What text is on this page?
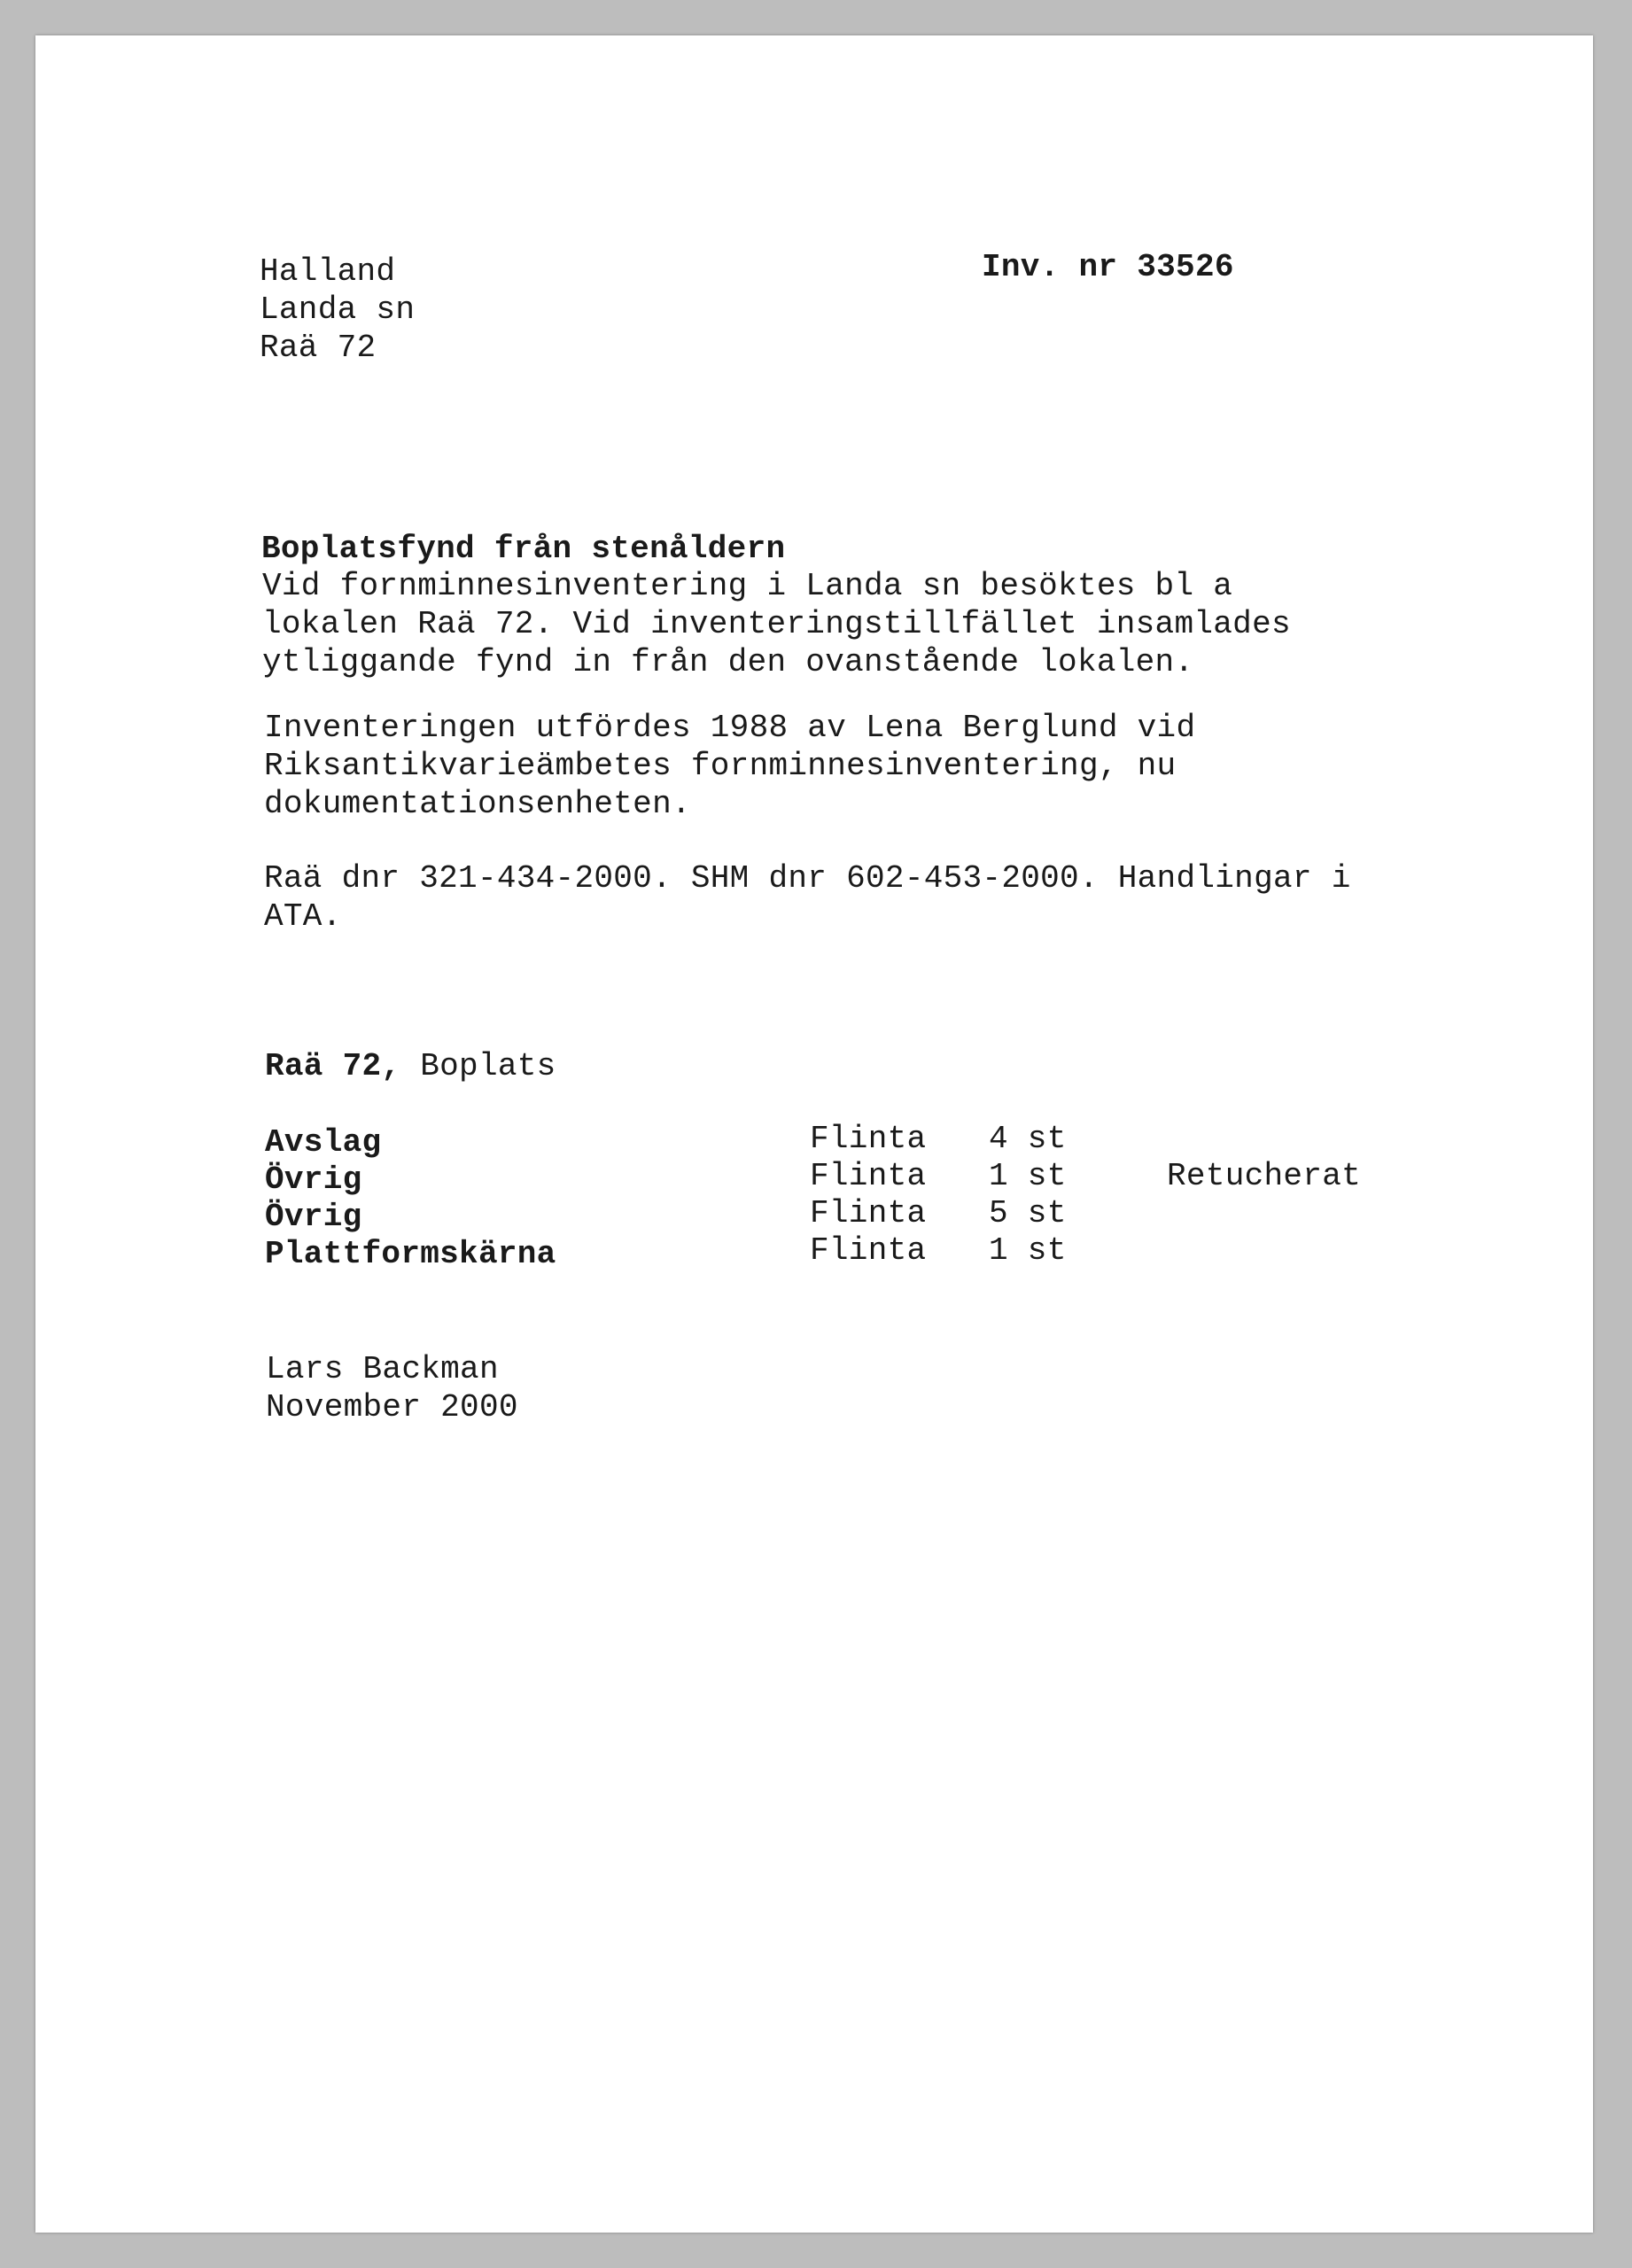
Halland
Landa sn
Raä 72
Inv. nr 33526
Boplatsfynd från stenåldern
Vid fornminnesinventering i Landa sn besöktes bl a
lokalen Raä 72. Vid inventeringstillfället insamlades
ytliggande fynd in från den ovanstående lokalen.
Inventeringen utfördes 1988 av Lena Berglund vid
Riksantikvarieämbetes fornminnesinventering, nu
dokumentationsenheten.
Raä dnr 321-434-2000. SHM dnr 602-453-2000. Handlingar i
ATA.
Raä 72, Boplats
Avslag	Flinta 4 st
Övrig	Flinta 1 st	Retucherat
Övrig	Flinta 5 st
Plattformskärna	Flinta 1 st
Lars Backman
November 2000
